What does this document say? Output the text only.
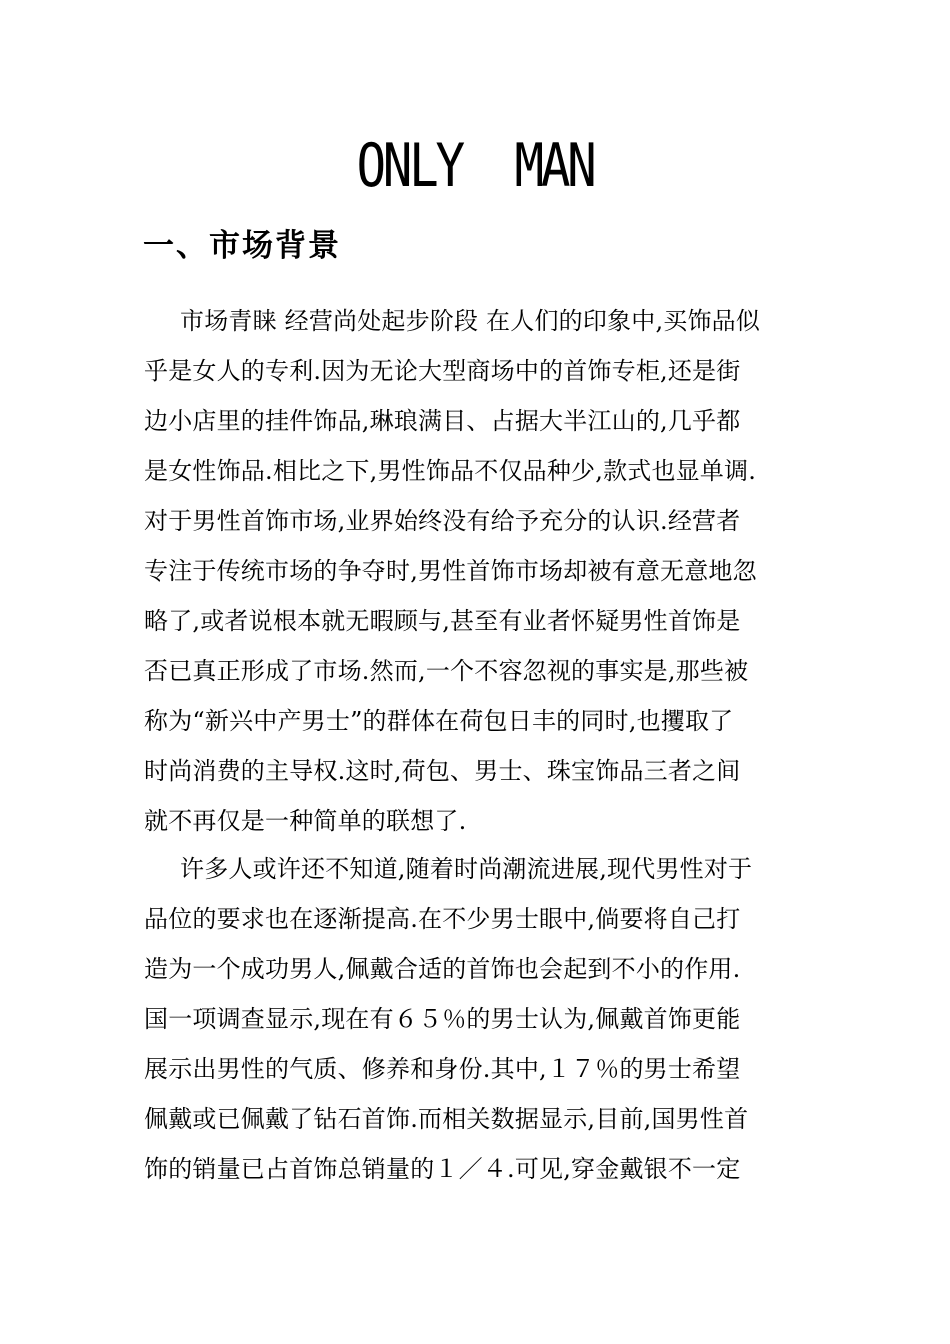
ONLY  MAN
一、市场背景
市场青睐 经营尚处起步阶段 在人们的印象中,买饰品似
乎是女人的专利.因为无论大型商场中的首饰专柜,还是街
边小店里的挂件饰品,琳琅满目、占据大半江山的,几乎都
是女性饰品.相比之下,男性饰品不仅品种少,款式也显单调.
对于男性首饰市场,业界始终没有给予充分的认识.经营者
专注于传统市场的争夺时,男性首饰市场却被有意无意地忽
略了,或者说根本就无暇顾与,甚至有业者怀疑男性首饰是
否已真正形成了市场.然而,一个不容忽视的事实是,那些被
称为“新兴中产男士”的群体在荷包日丰的同时,也攫取了
时尚消费的主导权.这时,荷包、男士、珠宝饰品三者之间
就不再仅是一种简单的联想了.
许多人或许还不知道,随着时尚潮流进展,现代男性对于
品位的要求也在逐渐提高.在不少男士眼中,倘要将自己打
造为一个成功男人,佩戴合适的首饰也会起到不小的作用.
国一项调查显示,现在有６５％的男士认为,佩戴首饰更能
展示出男性的气质、修养和身份.其中,１７％的男士希望
佩戴或已佩戴了钻石首饰.而相关数据显示,目前,国男性首
饰的销量已占首饰总销量的１／４.可见,穿金戴银不一定
